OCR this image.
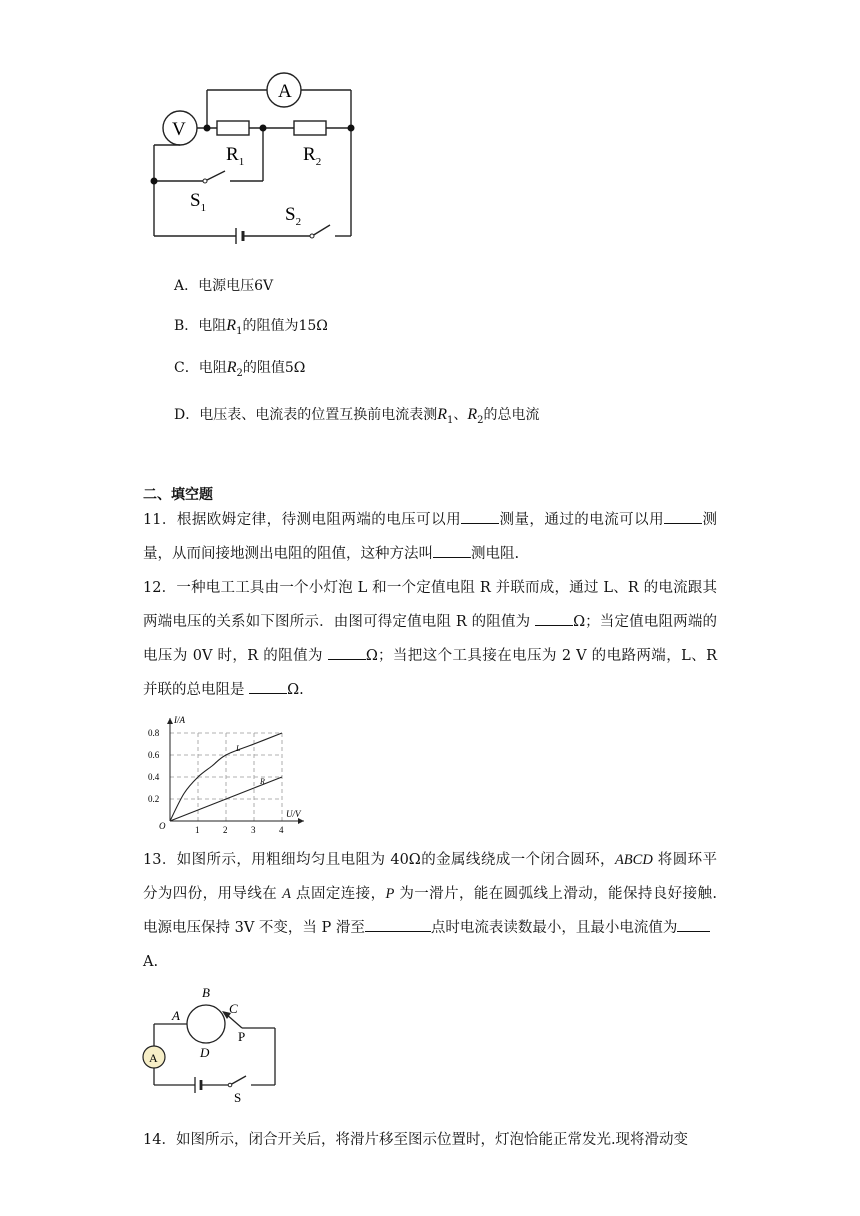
A
V
$R_1$	$R_2$
$S_1$	$S_2$
A．电源电压6V
B．电阻$R_1$的阻值为15Ω
C．电阻$R_2$的阻值5Ω
D．电压表、电流表的位置互换前电流表测$R_1$、$R_2$的总电流
二、填空题
11．根据欧姆定律，待测电阻两端的电压可以用	测量，通过的电流可以用	测量，从而间接地测出电阻的阻值，这种方法叫	测电阻.
12．一种电工工具由一个小灯泡 L 和一个定值电阻 R 并联而成，通过 L、R 的电流跟其两端电压的关系如下图所示．由图可得定值电阻 R 的阻值为	Ω；当定值电阻两端的电压为 0V 时，R 的阻值为	Ω；当把这个工具接在电压为 2 V 的电路两端，L、R 并联的总电阻是	Ω.
1	2	3	4
0.2
0.4
0.6
0.8
I/A
U/V
O
L
R
13．如图所示，用粗细均匀且电阻为 40Ω的金属线绕成一个闭合圆环，ABCD 将圆环平分为四份，用导线在 A 点固定连接，P 为一滑片，能在圆弧线上滑动，能保持良好接触. 电源电压保持 3V 不变，当 P 滑至	点时电流表读数最小，且最小电流值为
A.
A
B
C
D
P
S
A
14．如图所示，闭合开关后，将滑片移至图示位置时，灯泡恰能正常发光.现将滑动变
